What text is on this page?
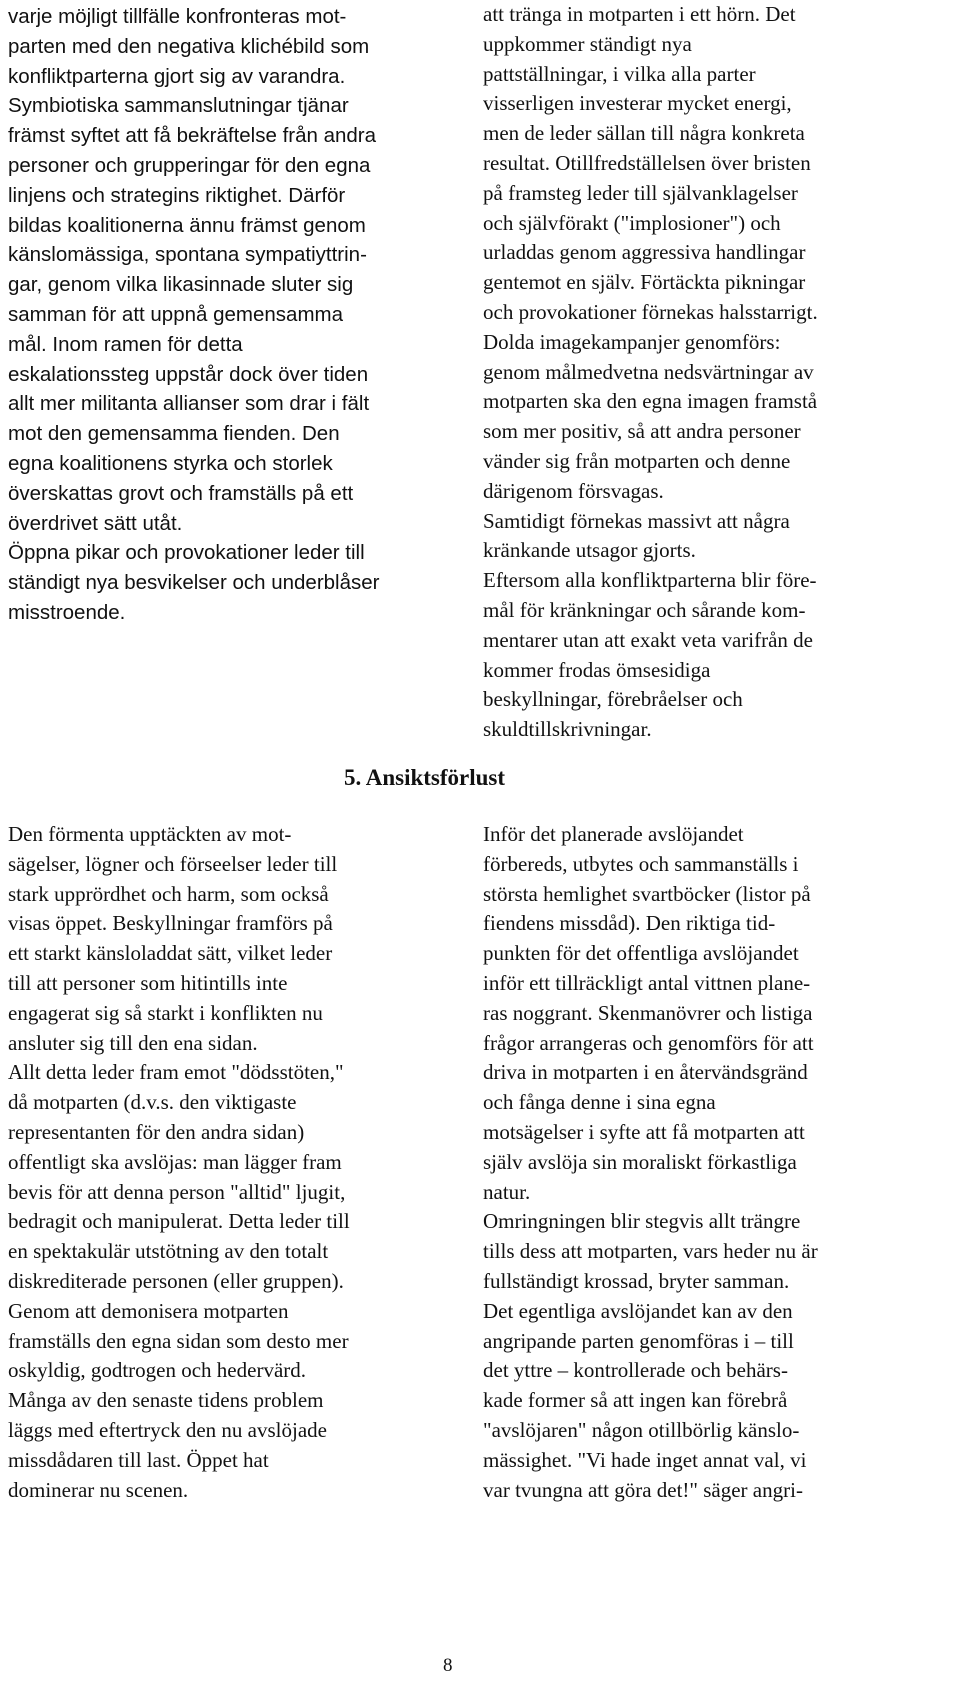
varje möjligt tillfälle konfronteras mot-
parten med den negativa klichébild som
konfliktparterna gjort sig av varandra.
Symbiotiska sammanslutningar tjänar
främst syftet att få bekräftelse från andra
personer och grupperingar för den egna
linjens och strategins riktighet. Därför
bildas koalitionerna ännu främst genom
känslomässiga, spontana sympatiyttrin-
gar, genom vilka likasinnade sluter sig
samman för att uppnå gemensamma
mål. Inom ramen för detta
eskalationssteg uppstår dock över tiden
allt mer militanta allianser som drar i fält
mot den gemensamma fienden. Den
egna koalitionens styrka och storlek
överskattas grovt och framställs på ett
överdrivet sätt utåt.
Öppna pikar och provokationer leder till
ständigt nya besvikelser och underblåser
misstroende.
att tränga in motparten i ett hörn. Det
uppkommer ständigt nya
pattställningar, i vilka alla parter
visserligen investerar mycket energi,
men de leder sällan till några konkreta
resultat. Otillfredställelsen över bristen
på framsteg leder till självanklagelser
och självförakt ("implosioner") och
urladdas genom aggressiva handlingar
gentemot en själv. Förtäckta pikningar
och provokationer förnekas halsstarrigt.
Dolda imagekampanjer genomförs:
genom målmedvetna nedsvärtningar av
motparten ska den egna imagen framstå
som mer positiv, så att andra personer
vänder sig från motparten och denne
därigenom försvagas.
Samtidigt förnekas massivt att några
kränkande utsagor gjorts.
Eftersom alla konfliktparterna blir före-
mål för kränkningar och sårande kom-
mentarer utan att exakt veta varifrån de
kommer frodas ömsesidiga
beskyllningar, förebråelser och
skuldtillskrivningar.
5. Ansiktsförlust
Den förmenta upptäckten av mot-
sägelser, lögner och förseelser leder till
stark upprördhet och harm, som också
visas öppet. Beskyllningar framförs på
ett starkt känsloladdat sätt, vilket leder
till att personer som hitintills inte
engagerat sig så starkt i konflikten nu
ansluter sig till den ena sidan.
Allt detta leder fram emot "dödsstöten,"
då motparten (d.v.s. den viktigaste
representanten för den andra sidan)
offentligt ska avslöjas: man lägger fram
bevis för att denna person "alltid" ljugit,
bedragit och manipulerat. Detta leder till
en spektakulär utstötning av den totalt
diskrediterade personen (eller gruppen).
Genom att demonisera motparten
framställs den egna sidan som desto mer
oskyldig, godtrogen och hedervärd.
Många av den senaste tidens problem
läggs med eftertryck den nu avslöjade
missdådaren till last. Öppet hat
dominerar nu scenen.
Inför det planerade avslöjandet
förbereds, utbytes och sammanställs i
största hemlighet svartböcker (listor på
fiendens missdåd). Den riktiga tid-
punkten för det offentliga avslöjandet
inför ett tillräckligt antal vittnen plane-
ras noggrant. Skenmanövrer och listiga
frågor arrangeras och genomförs för att
driva in motparten i en återvändsgränd
och fånga denne i sina egna
motsägelser i syfte att få motparten att
själv avslöja sin moraliskt förkastliga
natur.
Omringningen blir stegvis allt trängre
tills dess att motparten, vars heder nu är
fullständigt krossad, bryter samman.
Det egentliga avslöjandet kan av den
angripande parten genomföras i – till
det yttre – kontrollerade och behärs-
kade former så att ingen kan förebrå
"avslöjaren" någon otillbörlig känslo-
mässighet. "Vi hade inget annat val, vi
var tvungna att göra det!" säger angri-
8
